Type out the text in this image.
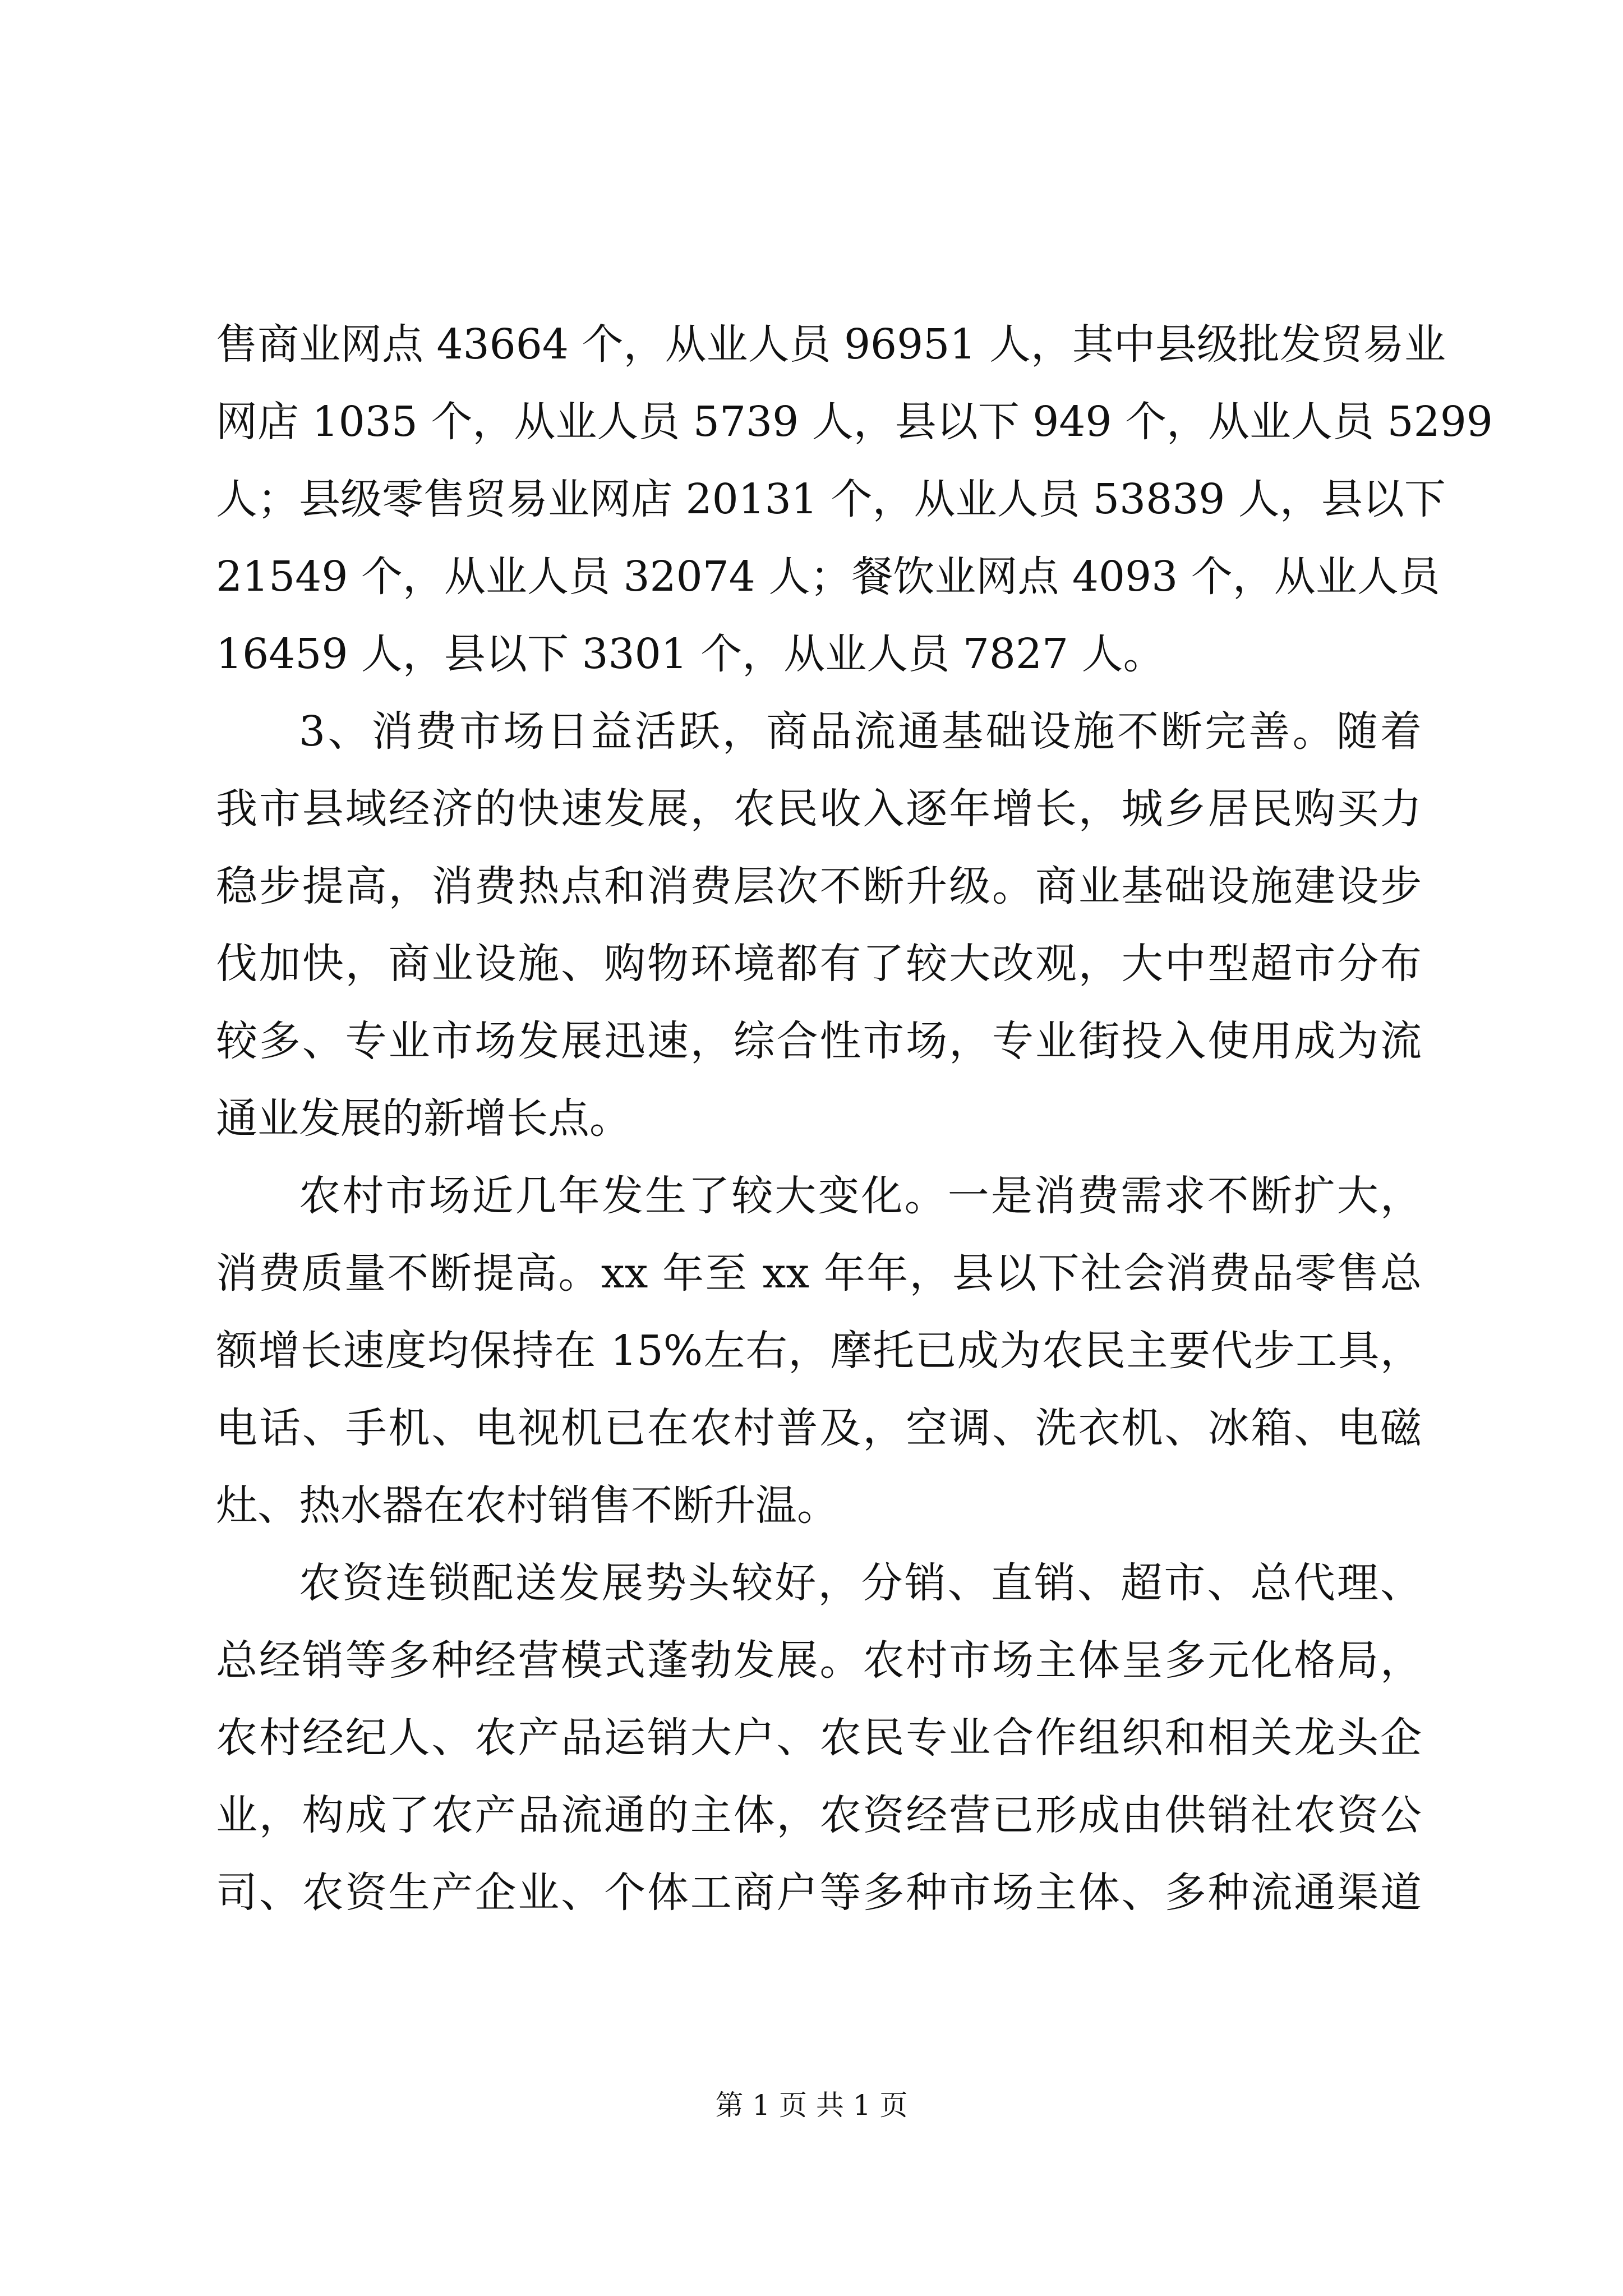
售商业网点 43664 个，从业人员 96951 人，其中县级批发贸易业
网店 1035 个，从业人员 5739 人，县以下 949 个，从业人员 5299
人；县级零售贸易业网店 20131 个，从业人员 53839 人，县以下
21549 个，从业人员 32074 人；餐饮业网点 4093 个，从业人员
16459 人，县以下 3301 个，从业人员 7827 人。
3、消费市场日益活跃，商品流通基础设施不断完善。随着
我市县域经济的快速发展，农民收入逐年增长，城乡居民购买力
稳步提高，消费热点和消费层次不断升级。商业基础设施建设步
伐加快，商业设施、购物环境都有了较大改观，大中型超市分布
较多、专业市场发展迅速，综合性市场，专业街投入使用成为流
通业发展的新增长点。
农村市场近几年发生了较大变化。一是消费需求不断扩大，
消费质量不断提高。xx 年至 xx 年年，县以下社会消费品零售总
额增长速度均保持在 15%左右，摩托已成为农民主要代步工具，
电话、手机、电视机已在农村普及，空调、洗衣机、冰箱、电磁
灶、热水器在农村销售不断升温。
农资连锁配送发展势头较好，分销、直销、超市、总代理、
总经销等多种经营模式蓬勃发展。农村市场主体呈多元化格局，
农村经纪人、农产品运销大户、农民专业合作组织和相关龙头企
业，构成了农产品流通的主体，农资经营已形成由供销社农资公
司、农资生产企业、个体工商户等多种市场主体、多种流通渠道
第 1 页 共 1 页
